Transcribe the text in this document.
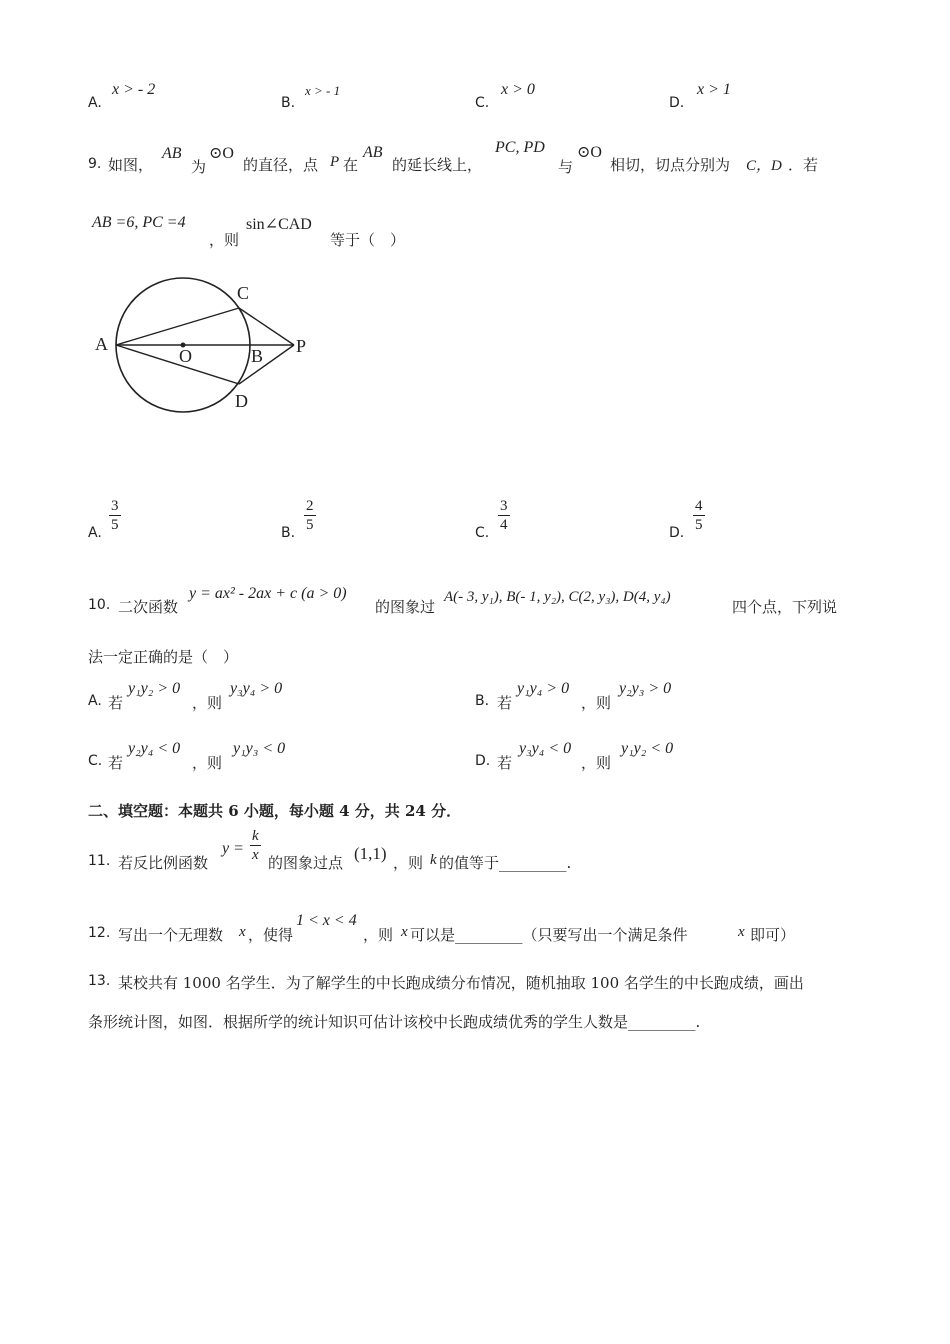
A.
x > - 2
B.
x > - 1
C.
x > 0
D.
x > 1
9. 如图，
AB
为
⊙O
的直径，点 P 在
AB
的延长线上，
PC, PD
与
⊙O
相切，切点分别为 C，D ．若
AB =6, PC =4
，则
sin∠CAD
等于（　）
A
O	B
C
D
P
A. $\frac{3}{5}$	B. $\frac{2}{5}$	C. $\frac{3}{4}$	D. $\frac{4}{5}$
10. 二次函数
y = ax² - 2ax + c (a > 0)
的图象过
A(- 3, y₁), B(- 1, y₂), C(2, y₃), D(4, y₄)
四个点，下列说
法一定正确的是（　）
A. 若
y₁y₂ > 0
，则
y₃y₄ > 0
B. 若
y₁y₄ > 0
，则
y₂y₃ > 0
C. 若
y₂y₄ < 0
，则
y₁y₃ < 0
D. 若
y₃y₄ < 0
，则
y₁y₂ < 0
二、填空题：本题共 6 小题，每小题 4 分，共 24 分．
11. 若反比例函数
$y = \frac{k}{x}$ 的图象过点 (1,1) ，则 k 的值等于_________.
12. 写出一个无理数 x ，使得
1 < x < 4
，则 x 可以是_________（只要写出一个满足条件	x 即可）
13. 某校共有 1000 名学生．为了解学生的中长跑成绩分布情况，随机抽取 100 名学生的中长跑成绩，画出
条形统计图，如图．根据所学的统计知识可估计该校中长跑成绩优秀的学生人数是_________.
